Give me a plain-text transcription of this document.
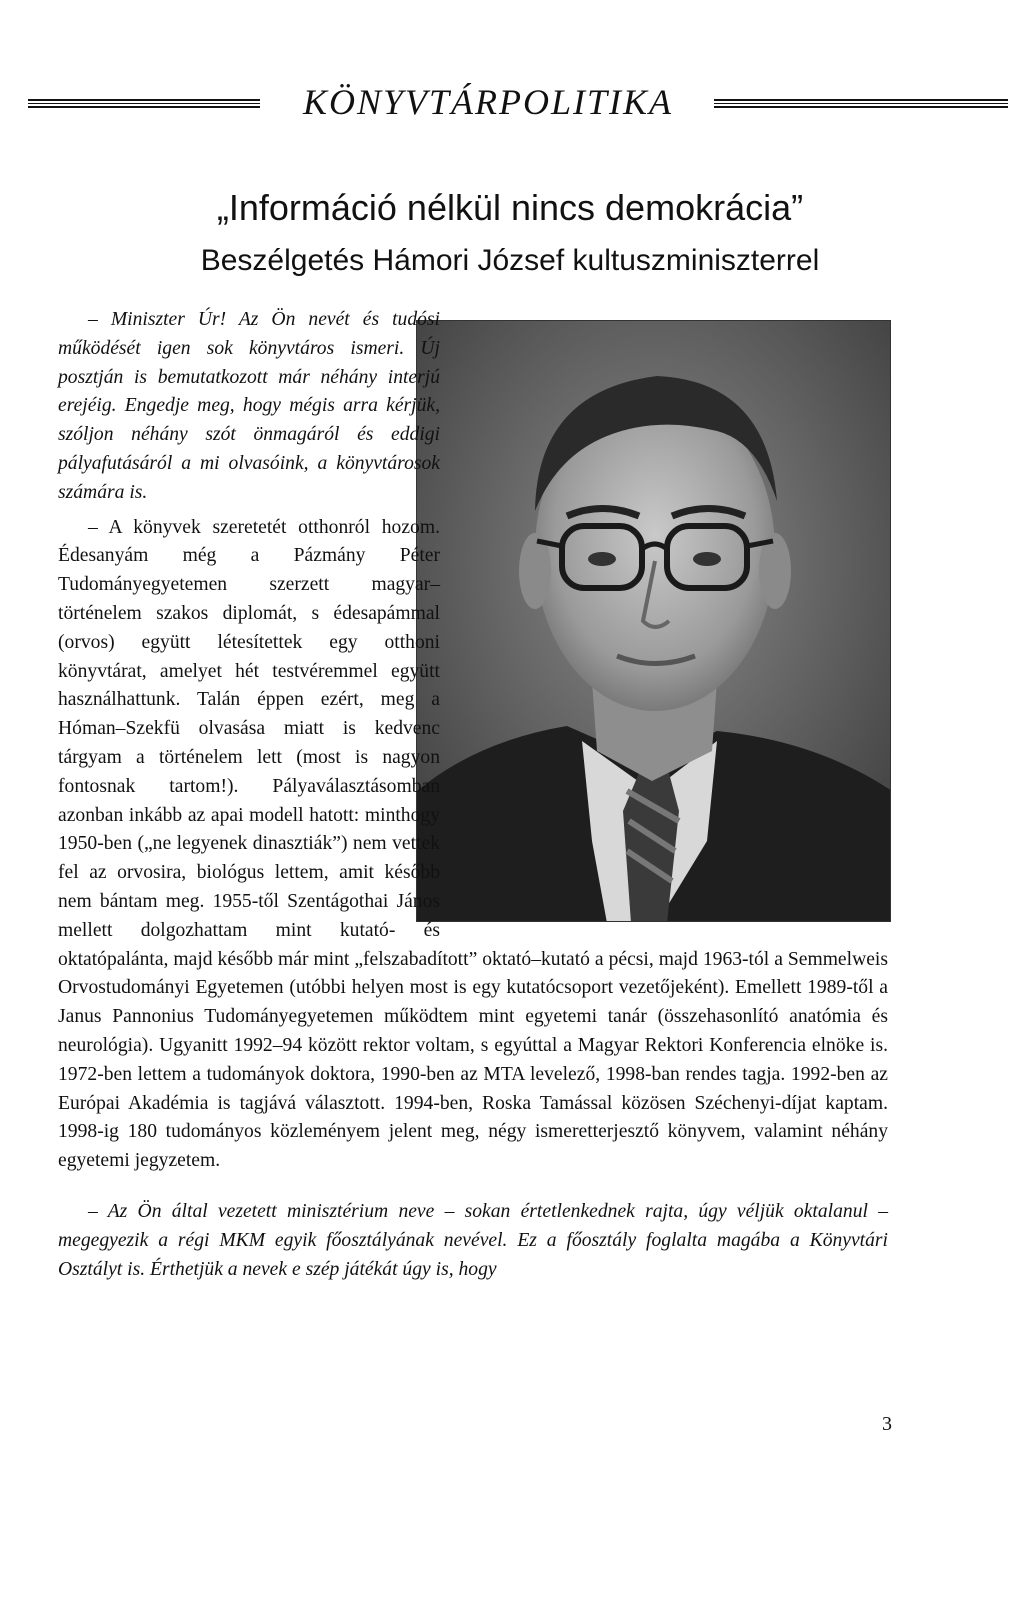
KÖNYVTÁRPOLITIKA
„Információ nélkül nincs demokrácia”
Beszélgetés Hámori József kultuszminiszterrel

– Miniszter Úr! Az Ön nevét és tudósi működését igen sok könyvtáros ismeri. Új posztján is bemutatkozott már néhány interjú erejéig. Engedje meg, hogy mégis arra kérjük, szóljon néhány szót önmagáról és eddigi pályafutásáról a mi olvasóink, a könyvtárosok számára is.

– A könyvek szeretetét otthonról hozom. Édesanyám még a Pázmány Péter Tudományegyetemen szerzett magyar–történelem szakos diplomát, s édesapámmal (orvos) együtt létesítettek egy otthoni könyvtárat, amelyet hét testvéremmel együtt használhattunk. Talán éppen ezért, meg a Hóman–Szekfü olvasása miatt is kedvenc tárgyam a történelem lett (most is nagyon fontosnak tartom!). Pályaválasztásomban azonban inkább az apai modell hatott: minthogy 1950-ben („ne legyenek dinasztiák”) nem vettek fel az orvosira, biológus lettem, amit később nem bántam meg. 1955-től Szentágothai János mellett dolgozhattam mint kutató- és oktatópalánta, majd később már mint „felszabadított” oktató–kutató a pécsi, majd 1963-tól a Semmelweis Orvostudományi Egyetemen (utóbbi helyen most is egy kutatócsoport vezetőjeként). Emellett 1989-től a Janus Pannonius Tudományegyetemen működtem mint egyetemi tanár (összehasonlító anatómia és neurológia). Ugyanitt 1992–94 között rektor voltam, s egyúttal a Magyar Rektori Konferencia elnöke is. 1972-ben lettem a tudományok doktora, 1990-ben az MTA levelező, 1998-ban rendes tagja. 1992-ben az Európai Akadémia is tagjává választott. 1994-ben, Roska Tamással közösen Széchenyi-díjat kaptam. 1998-ig 180 tudományos közleményem jelent meg, négy ismeretterjesztő könyvem, valamint néhány egyetemi jegyzetem.

– Az Ön által vezetett minisztérium neve – sokan értetlenkednek rajta, úgy véljük oktalanul – megegyezik a régi MKM egyik főosztályának nevével. Ez a főosztály foglalta magába a Könyvtári Osztályt is. Érthetjük a nevek e szép játékát úgy is, hogy

3
